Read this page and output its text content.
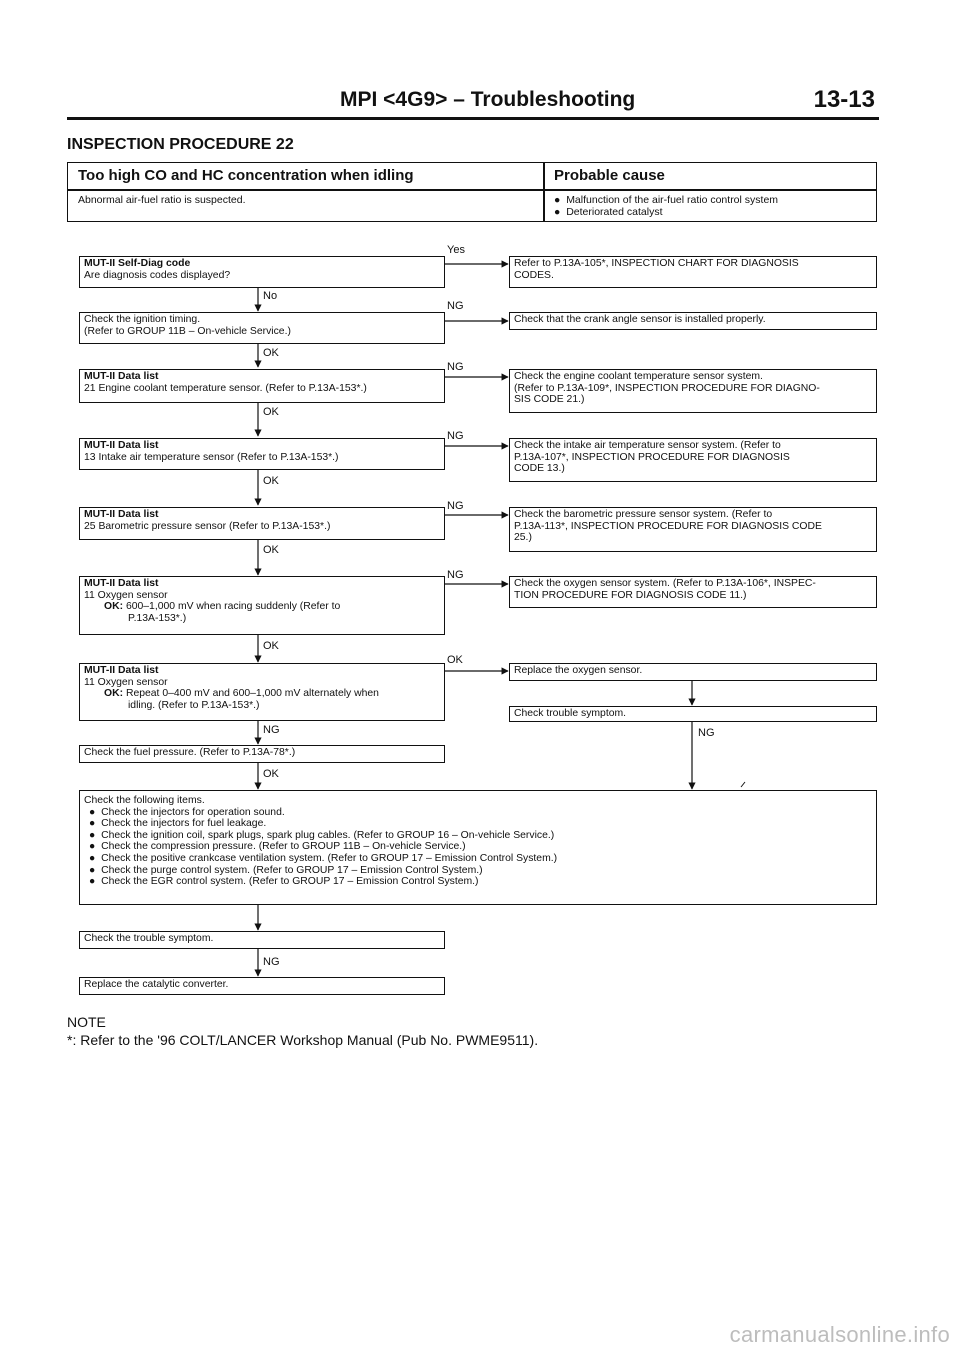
MPI <4G9> – Troubleshooting	13-13
INSPECTION PROCEDURE 22
Too high CO and HC concentration when idling	Probable cause
Abnormal air-fuel ratio is suspected.	●  Malfunction of the air-fuel ratio control system
●  Deteriorated catalyst
Yes
No
NG
OK
NG
OK
NG
OK
NG
OK
NG
OK
OK
NG	NG
OK
NG
MUT-II Self-Diag code
Are diagnosis codes displayed?
Check the ignition timing.
(Refer to GROUP 11B – On-vehicle Service.)
MUT-II Data list
21 Engine coolant temperature sensor. (Refer to P.13A-153*.)
MUT-II Data list
13 Intake air temperature sensor (Refer to P.13A-153*.)
MUT-II Data list
25 Barometric pressure sensor (Refer to P.13A-153*.)
MUT-II Data list
11 Oxygen sensor
OK: 600–1,000 mV when racing suddenly (Refer to
P.13A-153*.)
MUT-II Data list
11 Oxygen sensor
OK: Repeat 0–400 mV and 600–1,000 mV alternately when
idling. (Refer to P.13A-153*.)
Check the fuel pressure. (Refer to P.13A-78*.)
Check the following items.
●  Check the injectors for operation sound.
●  Check the injectors for fuel leakage.
●  Check the ignition coil, spark plugs, spark plug cables. (Refer to GROUP 16 – On-vehicle Service.)
●  Check the compression pressure. (Refer to GROUP 11B – On-vehicle Service.)
●  Check the positive crankcase ventilation system. (Refer to GROUP 17 – Emission Control System.)
●  Check the purge control system. (Refer to GROUP 17 – Emission Control System.)
●  Check the EGR control system. (Refer to GROUP 17 – Emission Control System.)
Check the trouble symptom.
Replace the catalytic converter.
Refer to P.13A-105*, INSPECTION CHART FOR DIAGNOSIS
CODES.
Check that the crank angle sensor is installed properly.
Check the engine coolant temperature sensor system.
(Refer to P.13A-109*, INSPECTION PROCEDURE FOR DIAGNO-
SIS CODE 21.)
Check the intake air temperature sensor system. (Refer to
P.13A-107*, INSPECTION PROCEDURE FOR DIAGNOSIS
CODE 13.)
Check the barometric pressure sensor system. (Refer to
P.13A-113*, INSPECTION PROCEDURE FOR DIAGNOSIS CODE
25.)
Check the oxygen sensor system. (Refer to P.13A-106*, INSPEC-
TION PROCEDURE FOR DIAGNOSIS CODE 11.)
Replace the oxygen sensor.
Check trouble symptom.
NOTE
*: Refer to the '96 COLT/LANCER Workshop Manual (Pub No. PWME9511).
carmanualsonline.info
